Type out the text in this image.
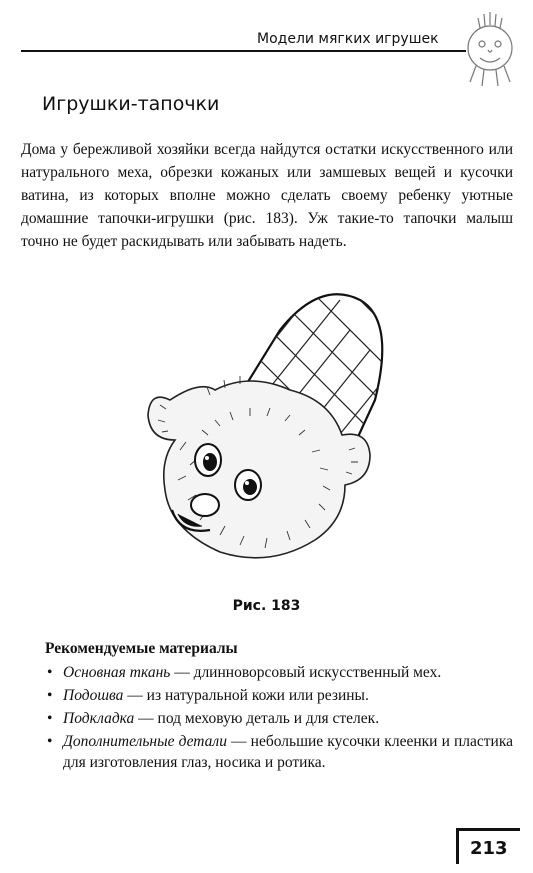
Модели мягких игрушек
Игрушки-тапочки

Дома у бережливой хозяйки всегда найдутся остатки искусственного или натурального меха, обрезки кожаных или замшевых вещей и кусочки ватина, из которых вполне можно сделать своему ребенку уютные домашние тапочки-игрушки (рис. 183). Уж такие-то тапочки малыш точно не будет раскидывать или забывать надеть.

Рис. 183
Рекомендуемые материалы
• Основная ткань — длинноворсовый искусственный мех.
• Подошва — из натуральной кожи или резины.
• Подкладка — под меховую деталь и для стелек.
• Дополнительные детали — небольшие кусочки клеенки и пластика для изготовления глаз, носика и ротика.
213
